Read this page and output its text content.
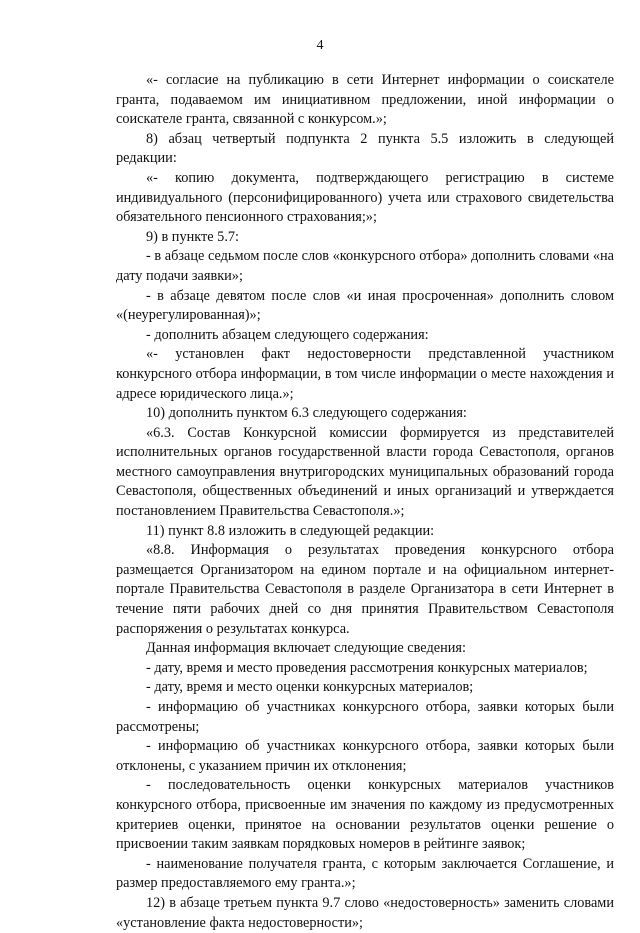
4

«- согласие на публикацию в сети Интернет информации о соискателе гранта, подаваемом им инициативном предложении, иной информации о соискателе гранта, связанной с конкурсом.»;

8) абзац четвертый подпункта 2 пункта 5.5 изложить в следующей редакции:

«- копию документа, подтверждающего регистрацию в системе индивидуального (персонифицированного) учета или страхового свидетельства обязательного пенсионного страхования;»;

9) в пункте 5.7:

- в абзаце седьмом после слов «конкурсного отбора» дополнить словами «на дату подачи заявки»;

- в абзаце девятом после слов «и иная просроченная» дополнить словом «(неурегулированная)»;

- дополнить абзацем следующего содержания:

«- установлен факт недостоверности представленной участником конкурсного отбора информации, в том числе информации о месте нахождения и адресе юридического лица.»;

10) дополнить пунктом 6.3 следующего содержания:

«6.3. Состав Конкурсной комиссии формируется из представителей исполнительных органов государственной власти города Севастополя, органов местного самоуправления внутригородских муниципальных образований города Севастополя, общественных объединений и иных организаций и утверждается постановлением Правительства Севастополя.»;

11) пункт 8.8 изложить в следующей редакции:

«8.8. Информация о результатах проведения конкурсного отбора размещается Организатором на едином портале и на официальном интернет-портале Правительства Севастополя в разделе Организатора в сети Интернет в течение пяти рабочих дней со дня принятия Правительством Севастополя распоряжения о результатах конкурса.

Данная информация включает следующие сведения:

- дату, время и место проведения рассмотрения конкурсных материалов;

- дату, время и место оценки конкурсных материалов;

- информацию об участниках конкурсного отбора, заявки которых были рассмотрены;

- информацию об участниках конкурсного отбора, заявки которых были отклонены, с указанием причин их отклонения;

- последовательность оценки конкурсных материалов участников конкурсного отбора, присвоенные им значения по каждому из предусмотренных критериев оценки, принятое на основании результатов оценки решение о присвоении таким заявкам порядковых номеров в рейтинге заявок;

- наименование получателя гранта, с которым заключается Соглашение, и размер предоставляемого ему гранта.»;

12) в абзаце третьем пункта 9.7 слово «недостоверность» заменить словами «установление факта недостоверности»;
